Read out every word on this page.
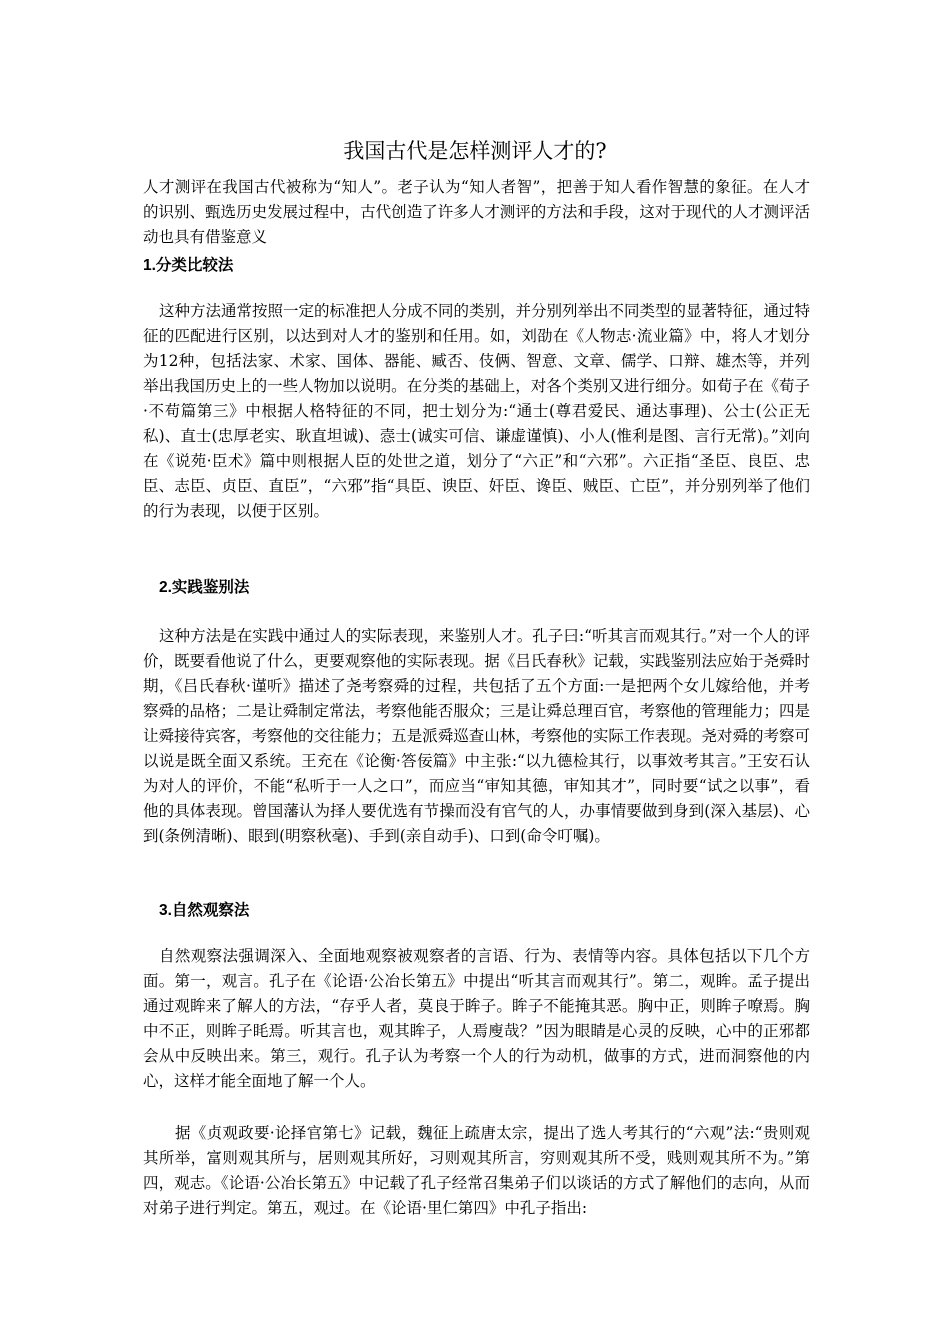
我国古代是怎样测评人才的?

人才测评在我国古代被称为“知人”。老子认为“知人者智”，把善于知人看作智慧的象征。在人才的识别、甄选历史发展过程中，古代创造了许多人才测评的方法和手段，这对于现代的人才测评活动也具有借鉴意义

1.分类比较法

这种方法通常按照一定的标准把人分成不同的类别，并分别列举出不同类型的显著特征，通过特征的匹配进行区别，以达到对人才的鉴别和任用。如，刘劭在《人物志·流业篇》中，将人才划分为12种，包括法家、术家、国体、器能、臧否、伎俩、智意、文章、儒学、口辩、雄杰等，并列举出我国历史上的一些人物加以说明。在分类的基础上，对各个类别又进行细分。如荀子在《荀子·不苟篇第三》中根据人格特征的不同，把士划分为:“通士(尊君爱民、通达事理)、公士(公正无私)、直士(忠厚老实、耿直坦诚)、悫士(诚实可信、谦虚谨慎)、小人(惟利是图、言行无常)。”刘向在《说苑·臣术》篇中则根据人臣的处世之道，划分了“六正”和“六邪”。六正指“圣臣、良臣、忠臣、志臣、贞臣、直臣”，“六邪”指“具臣、谀臣、奸臣、谗臣、贼臣、亡臣”，并分别列举了他们的行为表现，以便于区别。

2.实践鉴别法

这种方法是在实践中通过人的实际表现，来鉴别人才。孔子曰:“听其言而观其行。”对一个人的评价，既要看他说了什么，更要观察他的实际表现。据《吕氏春秋》记载，实践鉴别法应始于尧舜时期，《吕氏春秋·谨听》描述了尧考察舜的过程，共包括了五个方面:一是把两个女儿嫁给他，并考察舜的品格；二是让舜制定常法，考察他能否服众；三是让舜总理百官，考察他的管理能力；四是让舜接待宾客，考察他的交往能力；五是派舜巡查山林，考察他的实际工作表现。尧对舜的考察可以说是既全面又系统。王充在《论衡·答佞篇》中主张:“以九德检其行，以事效考其言。”王安石认为对人的评价，不能“私听于一人之口”，而应当“审知其德，审知其才”，同时要“试之以事”，看他的具体表现。曾国藩认为择人要优选有节操而没有官气的人，办事情要做到身到(深入基层)、心到(条例清晰)、眼到(明察秋毫)、手到(亲自动手)、口到(命令叮嘱)。

3.自然观察法

自然观察法强调深入、全面地观察被观察者的言语、行为、表情等内容。具体包括以下几个方面。第一，观言。孔子在《论语·公冶长第五》中提出“听其言而观其行”。第二，观眸。孟子提出通过观眸来了解人的方法，“存乎人者，莫良于眸子。眸子不能掩其恶。胸中正，则眸子嘹焉。胸中不正，则眸子眊焉。听其言也，观其眸子，人焉廋哉？”因为眼睛是心灵的反映，心中的正邪都会从中反映出来。第三，观行。孔子认为考察一个人的行为动机，做事的方式，进而洞察他的内心，这样才能全面地了解一个人。

据《贞观政要·论择官第七》记载，魏征上疏唐太宗，提出了选人考其行的“六观”法:“贵则观其所举，富则观其所与，居则观其所好，习则观其所言，穷则观其所不受，贱则观其所不为。”第四，观志。《论语·公冶长第五》中记载了孔子经常召集弟子们以谈话的方式了解他们的志向，从而对弟子进行判定。第五，观过。在《论语·里仁第四》中孔子指出:
